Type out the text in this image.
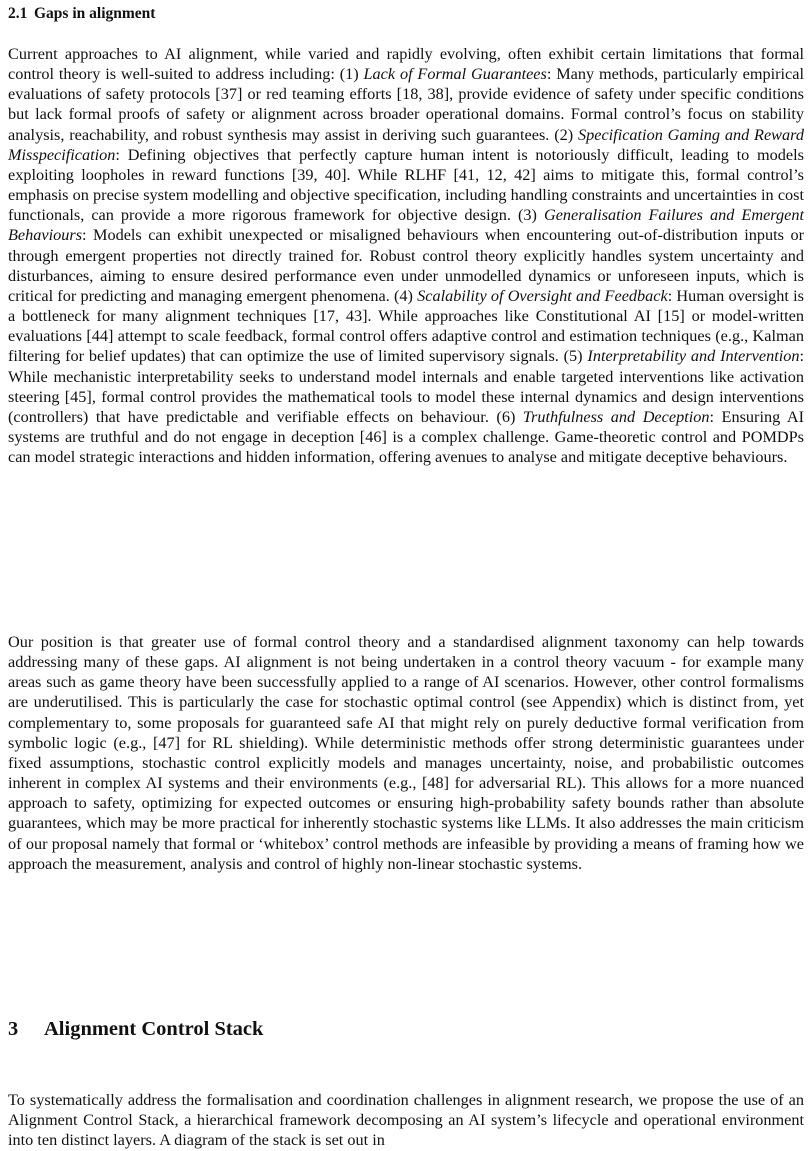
2.1 Gaps in alignment

Current approaches to AI alignment, while varied and rapidly evolving, often exhibit certain limitations that formal control theory is well-suited to address including: (1) Lack of Formal Guarantees: Many methods, particularly empirical evaluations of safety protocols [37] or red teaming efforts [18, 38], provide evidence of safety under specific conditions but lack formal proofs of safety or alignment across broader operational domains. Formal control’s focus on stability analysis, reachability, and robust synthesis may assist in deriving such guarantees. (2) Specification Gaming and Reward Misspecification: Defining objectives that perfectly capture human intent is notoriously difficult, leading to models exploiting loopholes in reward functions [39, 40]. While RLHF [41, 12, 42] aims to mitigate this, formal control’s emphasis on precise system modelling and objective specification, including handling constraints and uncertainties in cost functionals, can provide a more rigorous framework for objective design. (3) Generalisation Failures and Emergent Behaviours: Models can exhibit unexpected or misaligned behaviours when encountering out-of-distribution inputs or through emergent properties not directly trained for. Robust control theory explicitly handles system uncertainty and disturbances, aiming to ensure desired performance even under unmodelled dynamics or unforeseen inputs, which is critical for predicting and managing emergent phenomena. (4) Scalability of Oversight and Feedback: Human oversight is a bottleneck for many alignment techniques [17, 43]. While approaches like Constitutional AI [15] or model-written evaluations [44] attempt to scale feedback, formal control offers adaptive control and estimation techniques (e.g., Kalman filtering for belief updates) that can optimize the use of limited supervisory signals. (5) Interpretability and Intervention: While mechanistic interpretability seeks to understand model internals and enable targeted interventions like activation steering [45], formal control provides the mathematical tools to model these internal dynamics and design interventions (controllers) that have predictable and verifiable effects on behaviour. (6) Truthfulness and Deception: Ensuring AI systems are truthful and do not engage in deception [46] is a complex challenge. Game-theoretic control and POMDPs can model strategic interactions and hidden information, offering avenues to analyse and mitigate deceptive behaviours.

Our position is that greater use of formal control theory and a standardised alignment taxonomy can help towards addressing many of these gaps. AI alignment is not being undertaken in a control theory vacuum - for example many areas such as game theory have been successfully applied to a range of AI scenarios. However, other control formalisms are underutilised. This is particularly the case for stochastic optimal control (see Appendix) which is distinct from, yet complementary to, some proposals for guaranteed safe AI that might rely on purely deductive formal verification from symbolic logic (e.g., [47] for RL shielding). While deterministic methods offer strong deterministic guarantees under fixed assumptions, stochastic control explicitly models and manages uncertainty, noise, and probabilistic outcomes inherent in complex AI systems and their environments (e.g., [48] for adversarial RL). This allows for a more nuanced approach to safety, optimizing for expected outcomes or ensuring high-probability safety bounds rather than absolute guarantees, which may be more practical for inherently stochastic systems like LLMs. It also addresses the main criticism of our proposal namely that formal or ‘whitebox’ control methods are infeasible by providing a means of framing how we approach the measurement, analysis and control of highly non-linear stochastic systems.

3 Alignment Control Stack

To systematically address the formalisation and coordination challenges in alignment research, we propose the use of an Alignment Control Stack, a hierarchical framework decomposing an AI system’s lifecycle and operational environment into ten distinct layers. A diagram of the stack is set out in
